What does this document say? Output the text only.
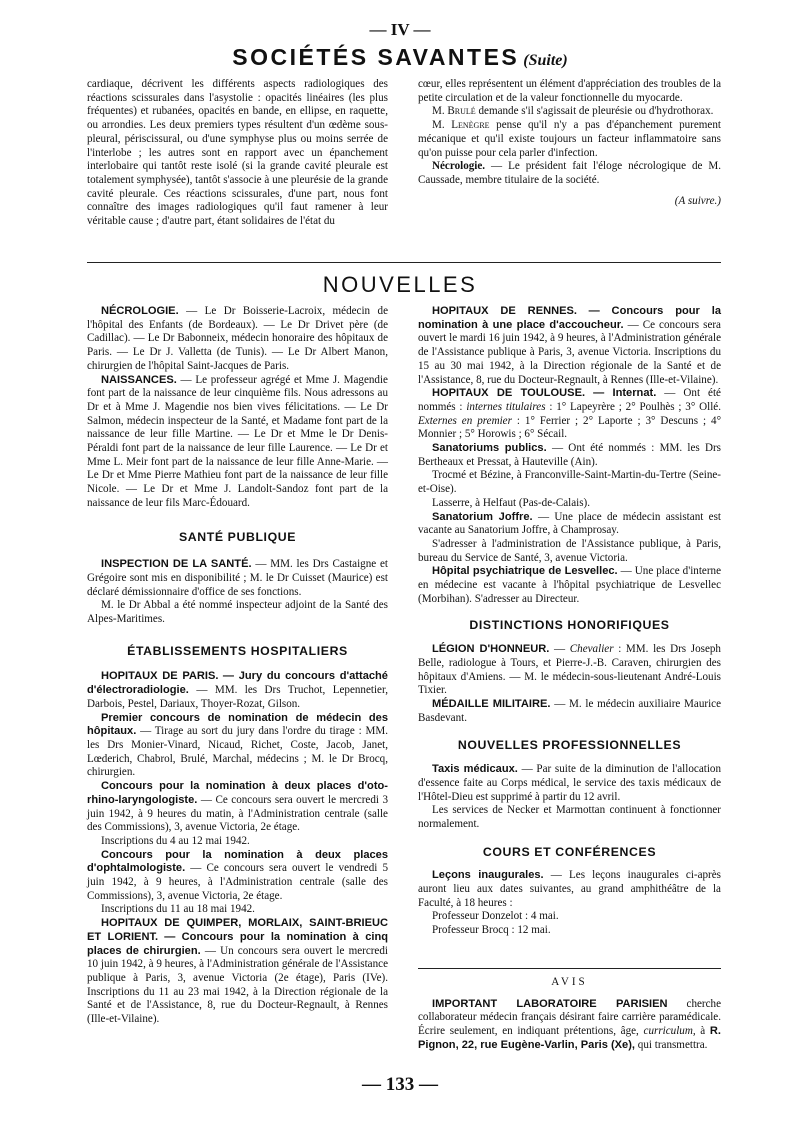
— IV —
SOCIÉTÉS SAVANTES (Suite)

cardiaque, décrivent les différents aspects radiologiques des réactions scissurales dans l'asystolie : opacités linéaires (les plus fréquentes) et rubanées, opacités en bande, en ellipse, en raquette, ou arrondies. Les deux premiers types résultent d'un œdème sous-pleural, périscissural, ou d'une symphyse plus ou moins serrée de l'interlobe ; les autres sont en rapport avec un épanchement interlobaire qui tantôt reste isolé (si la grande cavité pleurale est totalement symphysée), tantôt s'associe à une pleurésie de la grande cavité pleurale. Ces réactions scissurales, d'une part, nous font connaître des images radiologiques qu'il faut ramener à leur véritable cause ; d'autre part, étant solidaires de l'état du

cœur, elles représentent un élément d'appréciation des troubles de la petite circulation et de la valeur fonctionnelle du myocarde.

M. Brulé demande s'il s'agissait de pleurésie ou d'hydrothorax.

M. Lenègre pense qu'il n'y a pas d'épanchement purement mécanique et qu'il existe toujours un facteur inflammatoire sans qu'on puisse pour cela parler d'infection.

Nécrologie. — Le président fait l'éloge nécrologique de M. Caussade, membre titulaire de la société.

(A suivre.)

NOUVELLES

NÉCROLOGIE. — Le Dr Boisserie-Lacroix, médecin de l'hôpital des Enfants (de Bordeaux). — Le Dr Drivet père (de Cadillac). — Le Dr Babonneix, médecin honoraire des hôpitaux de Paris. — Le Dr J. Valletta (de Tunis). — Le Dr Albert Manon, chirurgien de l'hôpital Saint-Jacques de Paris.

NAISSANCES. — Le professeur agrégé et Mme J. Magendie font part de la naissance de leur cinquième fils. Nous adressons au Dr et à Mme J. Magendie nos bien vives félicitations. — Le Dr Salmon, médecin inspecteur de la Santé, et Madame font part de la naissance de leur fille Martine. — Le Dr et Mme le Dr Denis-Péraldi font part de la naissance de leur fille Laurence. — Le Dr et Mme L. Meir font part de la naissance de leur fille Anne-Marie. — Le Dr et Mme Pierre Mathieu font part de la naissance de leur fille Nicole. — Le Dr et Mme J. Landolt-Sandoz font part de la naissance de leur fils Marc-Édouard.

SANTÉ PUBLIQUE

INSPECTION DE LA SANTÉ. — MM. les Drs Castaigne et Grégoire sont mis en disponibilité ; M. le Dr Cuisset (Maurice) est déclaré démissionnaire d'office de ses fonctions.

M. le Dr Abbal a été nommé inspecteur adjoint de la Santé des Alpes-Maritimes.

ÉTABLISSEMENTS HOSPITALIERS

HOPITAUX DE PARIS. — Jury du concours d'attaché d'électroradiologie. — MM. les Drs Truchot, Lepennetier, Darbois, Pestel, Dariaux, Thoyer-Rozat, Gilson.

Premier concours de nomination de médecin des hôpitaux. — Tirage au sort du jury dans l'ordre du tirage : MM. les Drs Monier-Vinard, Nicaud, Richet, Coste, Jacob, Janet, Lœderich, Chabrol, Brulé, Marchal, médecins ; M. le Dr Brocq, chirurgien.

Concours pour la nomination à deux places d'oto-rhino-laryngologiste. — Ce concours sera ouvert le mercredi 3 juin 1942, à 9 heures du matin, à l'Administration centrale (salle des Commissions), 3, avenue Victoria, 2e étage.

Inscriptions du 4 au 12 mai 1942.

Concours pour la nomination à deux places d'ophtalmologiste. — Ce concours sera ouvert le vendredi 5 juin 1942, à 9 heures, à l'Administration centrale (salle des Commissions), 3, avenue Victoria, 2e étage.

Inscriptions du 11 au 18 mai 1942.

HOPITAUX DE QUIMPER, MORLAIX, SAINT-BRIEUC ET LORIENT. — Concours pour la nomination à cinq places de chirurgien. — Un concours sera ouvert le mercredi 10 juin 1942, à 9 heures, à l'Administration générale de l'Assistance publique à Paris, 3, avenue Victoria (2e étage), Paris (IVe). Inscriptions du 11 au 23 mai 1942, à la Direction régionale de la Santé et de l'Assistance, 8, rue du Docteur-Regnault, à Rennes (Ille-et-Vilaine).

HOPITAUX DE RENNES. — Concours pour la nomination à une place d'accoucheur. — Ce concours sera ouvert le mardi 16 juin 1942, à 9 heures, à l'Administration générale de l'Assistance publique à Paris, 3, avenue Victoria. Inscriptions du 15 au 30 mai 1942, à la Direction régionale de la Santé et de l'Assistance, 8, rue du Docteur-Regnault, à Rennes (Ille-et-Vilaine).

HOPITAUX DE TOULOUSE. — Internat. — Ont été nommés : internes titulaires : 1° Lapeyrère ; 2° Poulhès ; 3° Ollé. Externes en premier : 1° Ferrier ; 2° Laporte ; 3° Descuns ; 4° Monnier ; 5° Horowis ; 6° Sécail.

Sanatoriums publics. — Ont été nommés : MM. les Drs Bertheaux et Pressat, à Hauteville (Ain).

Trocmé et Bézine, à Franconville-Saint-Martin-du-Tertre (Seine-et-Oise).

Lasserre, à Helfaut (Pas-de-Calais).

Sanatorium Joffre. — Une place de médecin assistant est vacante au Sanatorium Joffre, à Champrosay.

S'adresser à l'administration de l'Assistance publique, à Paris, bureau du Service de Santé, 3, avenue Victoria.

Hôpital psychiatrique de Lesvellec. — Une place d'interne en médecine est vacante à l'hôpital psychiatrique de Lesvellec (Morbihan). S'adresser au Directeur.

DISTINCTIONS HONORIFIQUES

LÉGION D'HONNEUR. — Chevalier : MM. les Drs Joseph Belle, radiologue à Tours, et Pierre-J.-B. Caraven, chirurgien des hôpitaux d'Amiens. — M. le médecin-sous-lieutenant André-Louis Tixier.

MÉDAILLE MILITAIRE. — M. le médecin auxiliaire Maurice Basdevant.

NOUVELLES PROFESSIONNELLES

Taxis médicaux. — Par suite de la diminution de l'allocation d'essence faite au Corps médical, le service des taxis médicaux de l'Hôtel-Dieu est supprimé à partir du 12 avril.

Les services de Necker et Marmottan continuent à fonctionner normalement.

COURS ET CONFÉRENCES

Leçons inaugurales. — Les leçons inaugurales ci-après auront lieu aux dates suivantes, au grand amphithéâtre de la Faculté, à 18 heures :

Professeur Donzelot : 4 mai.

Professeur Brocq : 12 mai.

AVIS

IMPORTANT LABORATOIRE PARISIEN cherche collaborateur médecin français désirant faire carrière paramédicale. Écrire seulement, en indiquant prétentions, âge, curriculum, à R. Pignon, 22, rue Eugène-Varlin, Paris (Xe), qui transmettra.

— 133 —
